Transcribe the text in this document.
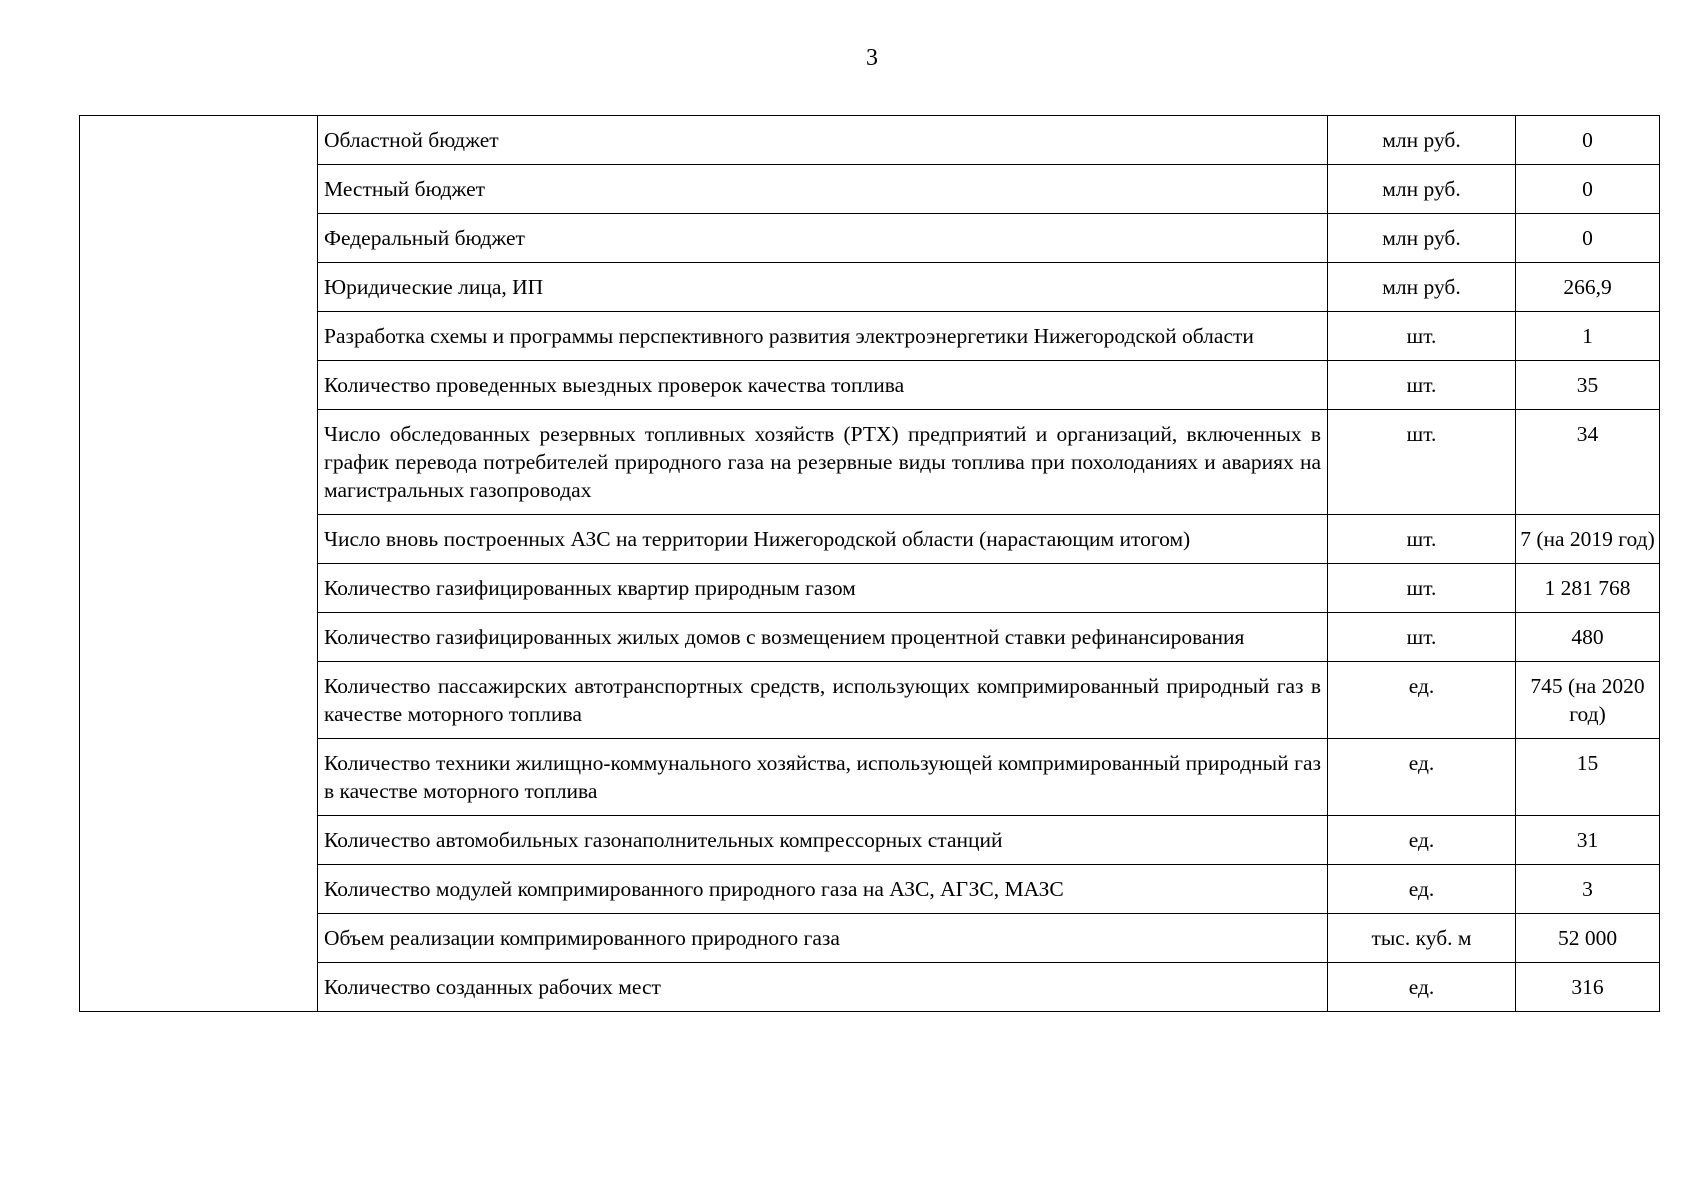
3
	Областной бюджет	млн руб.	0
	Местный бюджет	млн руб.	0
	Федеральный бюджет	млн руб.	0
	Юридические лица, ИП	млн руб.	266,9
	Разработка схемы и программы перспективного развития электроэнергетики Нижегородской области	шт.	1
	Количество проведенных выездных проверок качества топлива	шт.	35
	Число обследованных резервных топливных хозяйств (РТХ) предприятий и организаций, включенных в график перевода потребителей природного газа на резервные виды топлива при похолоданиях и авариях на магистральных газопроводах	шт.	34
	Число вновь построенных АЗС на территории Нижегородской области (нарастающим итогом)	шт.	7 (на 2019 год)
	Количество газифицированных квартир природным газом	шт.	1 281 768
	Количество газифицированных жилых домов с возмещением процентной ставки рефинансирования	шт.	480
	Количество пассажирских автотранспортных средств, использующих компримированный природный газ в качестве моторного топлива	ед.	745 (на 2020 год)
	Количество техники жилищно-коммунального хозяйства, использующей компримированный природный газ в качестве моторного топлива	ед.	15
	Количество автомобильных газонаполнительных компрессорных станций	ед.	31
	Количество модулей компримированного природного газа на АЗС, АГЗС, МАЗС	ед.	3
	Объем реализации компримированного природного газа	тыс. куб. м	52 000
	Количество созданных рабочих мест	ед.	316
